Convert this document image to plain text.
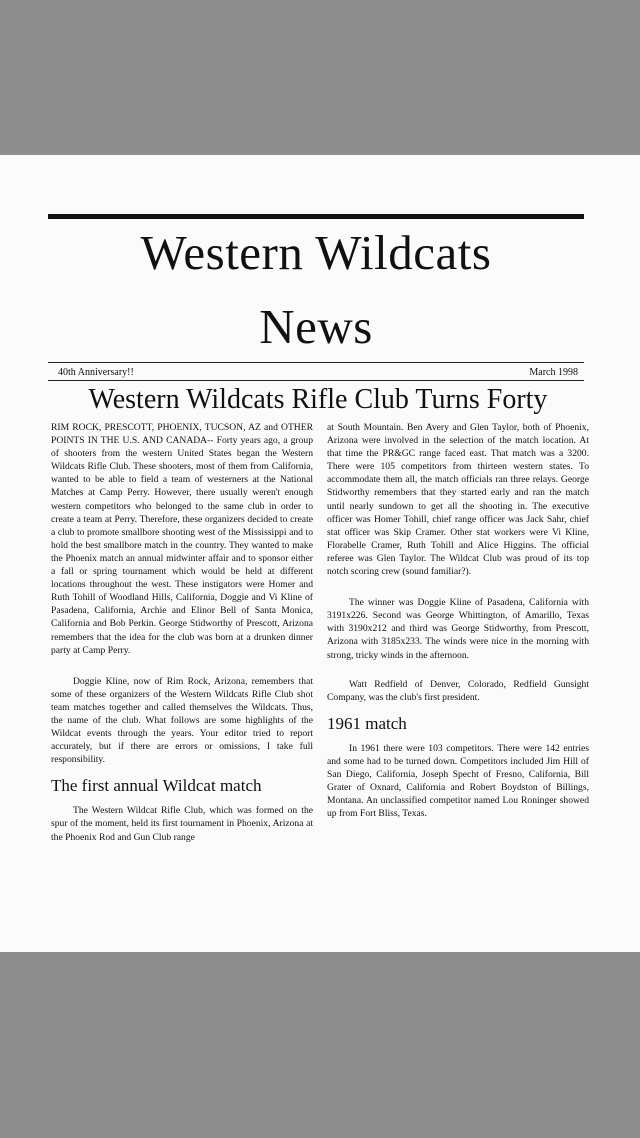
Western Wildcats
News
40th Anniversary!!	March 1998
Western Wildcats Rifle Club Turns Forty

RIM ROCK, PRESCOTT, PHOENIX, TUCSON, AZ and OTHER POINTS IN THE U.S. AND CANADA-- Forty years ago, a group of shooters from the western United States began the Western Wildcats Rifle Club. These shooters, most of them from California, wanted to be able to field a team of westerners at the National Matches at Camp Perry. However, there usually weren't enough western competitors who belonged to the same club in order to create a team at Perry. Therefore, these organizers decided to create a club to promote smallbore shooting west of the Mississippi and to hold the best smallbore match in the country. They wanted to make the Phoenix match an annual midwinter affair and to sponsor either a fall or spring tournament which would be held at different locations throughout the west. These instigators were Homer and Ruth Tohill of Woodland Hills, California, Doggie and Vi Kline of Pasadena, California, Archie and Elinor Bell of Santa Monica, California and Bob Perkin. George Stidworthy of Prescott, Arizona remembers that the idea for the club was born at a drunken dinner party at Camp Perry.

Doggie Kline, now of Rim Rock, Arizona, remembers that some of these organizers of the Western Wildcats Rifle Club shot team matches together and called themselves the Wildcats. Thus, the name of the club. What follows are some highlights of the Wildcat events through the years. Your editor tried to report accurately, but if there are errors or omissions, I take full responsibility.

The first annual Wildcat match

The Western Wildcat Rifle Club, which was formed on the spur of the moment, held its first tournament in Phoenix, Arizona at the Phoenix Rod and Gun Club range

at South Mountain. Ben Avery and Glen Taylor, both of Phoenix, Arizona were involved in the selection of the match location. At that time the PR&GC range faced east. That match was a 3200. There were 105 competitors from thirteen western states. To accommodate them all, the match officials ran three relays. George Stidworthy remembers that they started early and ran the match until nearly sundown to get all the shooting in. The executive officer was Homer Tohill, chief range officer was Jack Sahr, chief stat officer was Skip Cramer. Other stat workers were Vi Kline, Florabelle Cramer, Ruth Tohill and Alice Higgins. The official referee was Glen Taylor. The Wildcat Club was proud of its top notch scoring crew (sound familiar?).

The winner was Doggie Kline of Pasadena, California with 3191x226. Second was George Whittington, of Amarillo, Texas with 3190x212 and third was George Stidworthy, from Prescott, Arizona with 3185x233. The winds were nice in the morning with strong, tricky winds in the afternoon.

Watt Redfield of Denver, Colorado, Redfield Gunsight Company, was the club's first president.

1961 match

In 1961 there were 103 competitors. There were 142 entries and some had to be turned down. Competitors included Jim Hill of San Diego, California, Joseph Specht of Fresno, California, Bill Grater of Oxnard, California and Robert Boydston of Billings, Montana. An unclassified competitor named Lou Roninger showed up from Fort Bliss, Texas.
